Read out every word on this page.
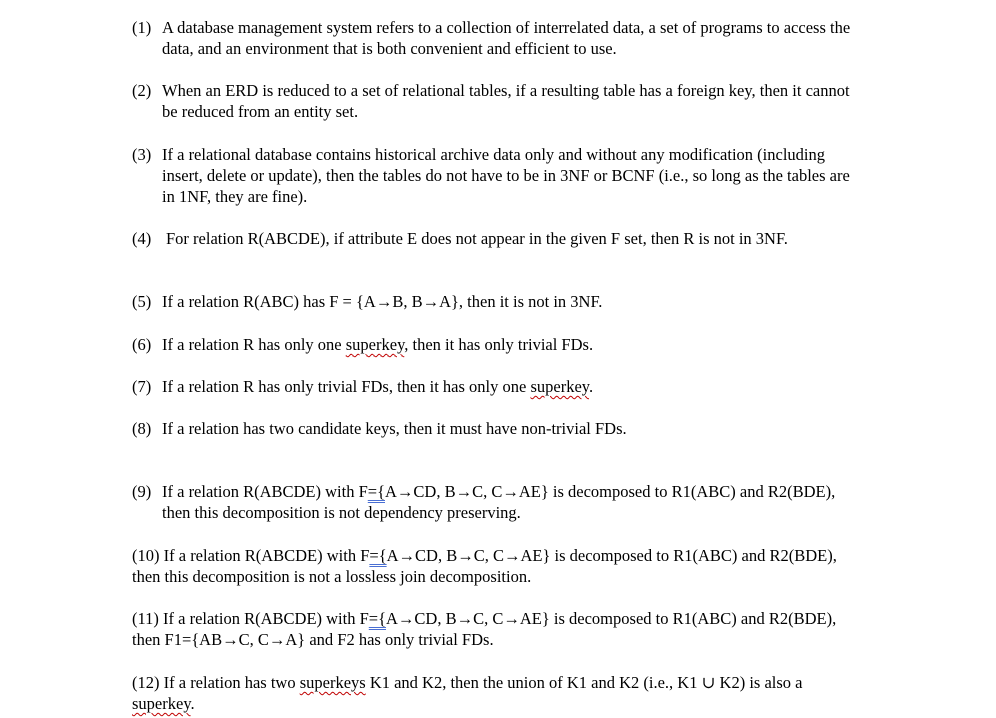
(1) A database management system refers to a collection of interrelated data, a set of programs to access the data, and an environment that is both convenient and efficient to use.
(2) When an ERD is reduced to a set of relational tables, if a resulting table has a foreign key, then it cannot be reduced from an entity set.
(3) If a relational database contains historical archive data only and without any modification (including insert, delete or update), then the tables do not have to be in 3NF or BCNF (i.e., so long as the tables are in 1NF, they are fine).
(4) For relation R(ABCDE), if attribute E does not appear in the given F set, then R is not in 3NF.
(5) If a relation R(ABC) has F = {A→B, B→A}, then it is not in 3NF.
(6) If a relation R has only one superkey, then it has only trivial FDs.
(7) If a relation R has only trivial FDs, then it has only one superkey.
(8) If a relation has two candidate keys, then it must have non-trivial FDs.
(9) If a relation R(ABCDE) with F={A→CD, B→C, C→AE} is decomposed to R1(ABC) and R2(BDE), then this decomposition is not dependency preserving.
(10) If a relation R(ABCDE) with F={A→CD, B→C, C→AE} is decomposed to R1(ABC) and R2(BDE), then this decomposition is not a lossless join decomposition.
(11) If a relation R(ABCDE) with F={A→CD, B→C, C→AE} is decomposed to R1(ABC) and R2(BDE), then F1={AB→C, C→A} and F2 has only trivial FDs.
(12) If a relation has two superkeys K1 and K2, then the union of K1 and K2 (i.e., K1 ∪ K2) is also a superkey.
